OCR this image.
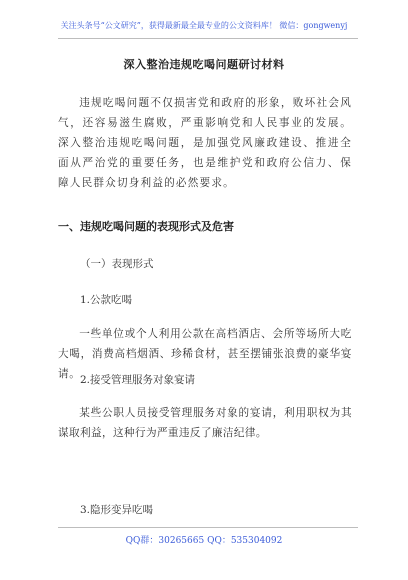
关注头条号“公文研究”，获得最新最全最专业的公文资料库！ 微信：gongwenyj
深入整治违规吃喝问题研讨材料
违规吃喝问题不仅损害党和政府的形象，败坏社会风气，还容易滋生腐败，严重影响党和人民事业的发展。深入整治违规吃喝问题，是加强党风廉政建设、推进全面从严治党的重要任务，也是维护党和政府公信力、保障人民群众切身利益的必然要求。
一、违规吃喝问题的表现形式及危害
（一）表现形式
1.公款吃喝
一些单位或个人利用公款在高档酒店、会所等场所大吃大喝，消费高档烟酒、珍稀食材，甚至摆铺张浪费的豪华宴请。 2.接受管理服务对象宴请
某些公职人员接受管理服务对象的宴请，利用职权为其谋取利益，这种行为严重违反了廉洁纪律。
3.隐形变异吃喝
QQ群：30265665 QQ：535304092
